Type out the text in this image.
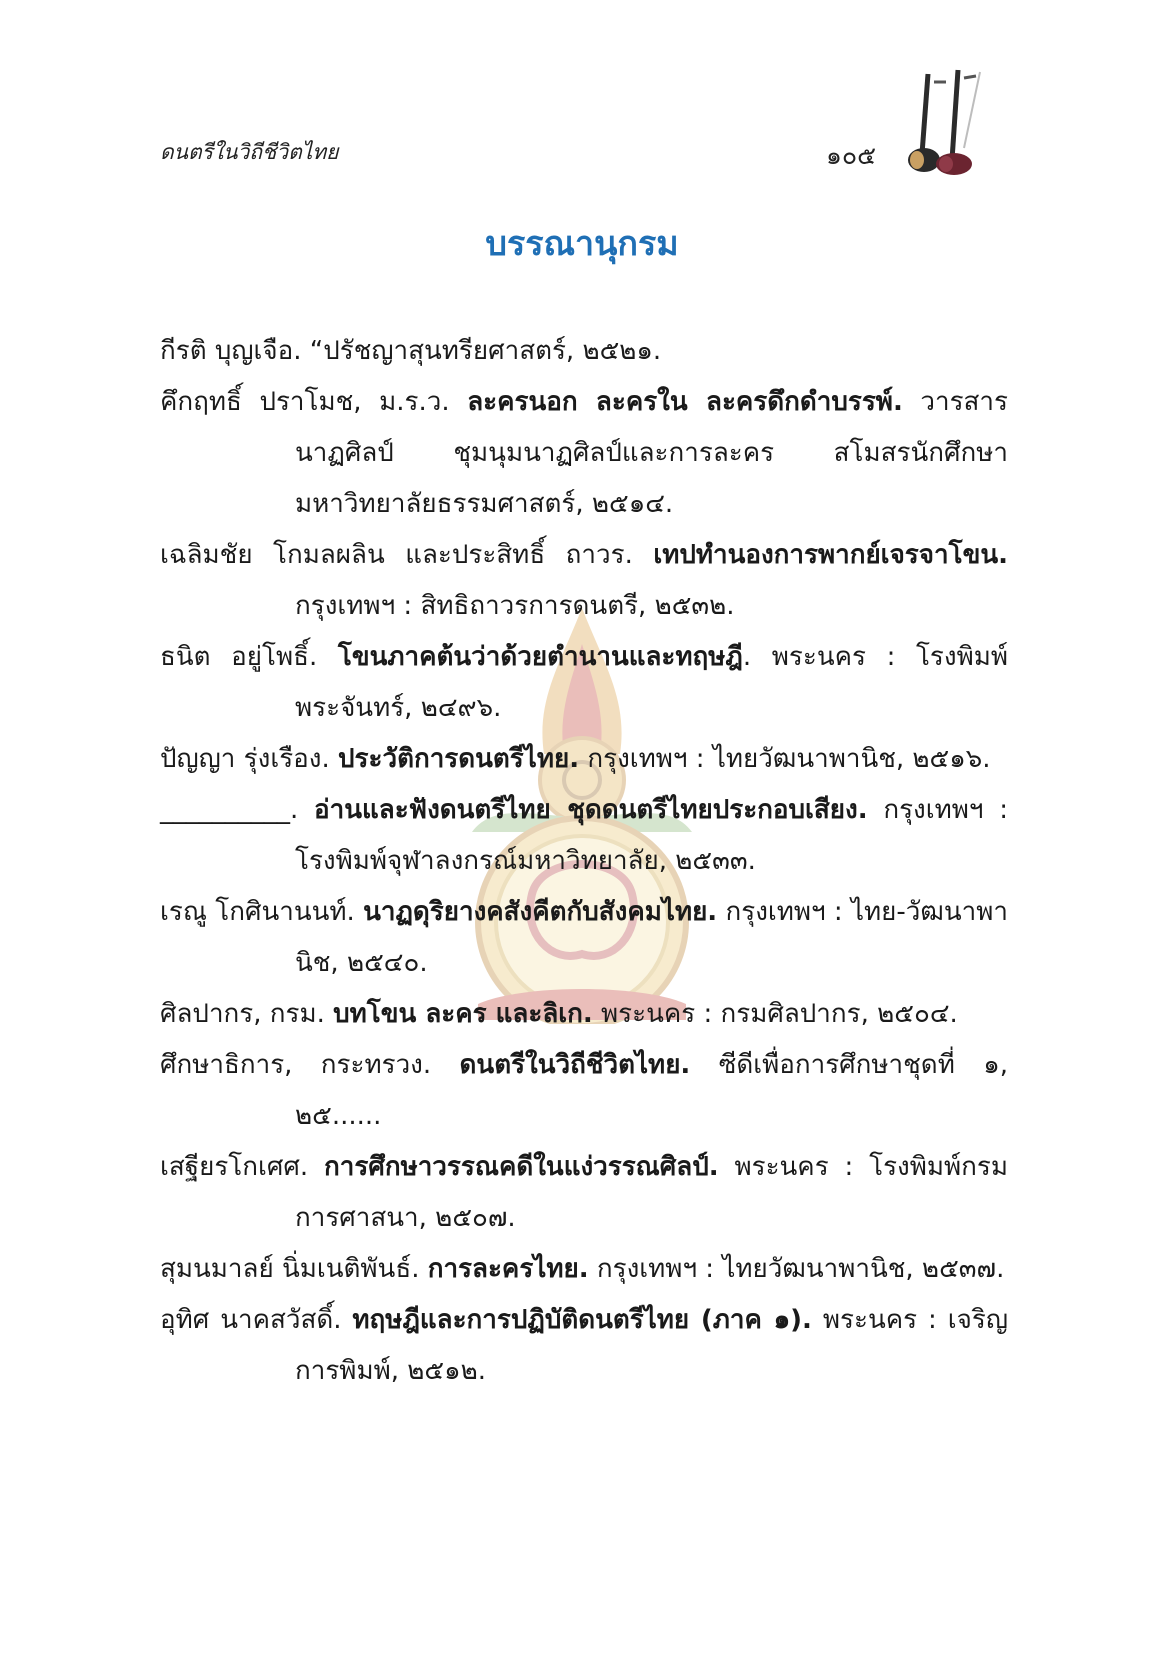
ดนตรีในวิถีชีวิตไทย	๑๐๕
บรรณานุกรม

กีรติ บุญเจือ. “ปรัชญาสุนทรียศาสตร์, ๒๕๒๑.

คึกฤทธิ์ ปราโมช, ม.ร.ว. ละครนอก ละครใน ละครดึกดำบรรพ์. วารสารนาฏศิลป์ ชุมนุมนาฏศิลป์และการละคร สโมสรนักศึกษามหาวิทยาลัยธรรมศาสตร์, ๒๕๑๔.

เฉลิมชัย โกมลผลิน และประสิทธิ์ ถาวร. เทปทำนองการพากย์เจรจาโขน. กรุงเทพฯ : สิทธิถาวรการดนตรี, ๒๕๓๒.

ธนิต อยู่โพธิ์. โขนภาคต้นว่าด้วยตำนานและทฤษฎี. พระนคร : โรงพิมพ์พระจันทร์, ๒๔๙๖.

ปัญญา รุ่งเรือง. ประวัติการดนตรีไทย. กรุงเทพฯ : ไทยวัฒนาพานิช, ๒๕๑๖.

__________. อ่านและฟังดนตรีไทย ชุดดนตรีไทยประกอบเสียง. กรุงเทพฯ : โรงพิมพ์จุฬาลงกรณ์มหาวิทยาลัย, ๒๕๓๓.

เรณู โกศินานนท์. นาฏดุริยางคสังคีตกับสังคมไทย. กรุงเทพฯ : ไทย-วัฒนาพานิช, ๒๕๔๐.

ศิลปากร, กรม. บทโขน ละคร และลิเก. พระนคร : กรมศิลปากร, ๒๕๐๔.

ศึกษาธิการ, กระทรวง. ดนตรีในวิถีชีวิตไทย. ซีดีเพื่อการศึกษาชุดที่ ๑, ๒๕......

เสฐียรโกเศศ. การศึกษาวรรณคดีในแง่วรรณศิลป์. พระนคร : โรงพิมพ์กรมการศาสนา, ๒๕๐๗.

สุมนมาลย์ นิ่มเนติพันธ์. การละครไทย. กรุงเทพฯ : ไทยวัฒนาพานิช, ๒๕๓๗.

อุทิศ นาคสวัสดิ์. ทฤษฎีและการปฏิบัติดนตรีไทย (ภาค ๑). พระนคร : เจริญการพิมพ์, ๒๕๑๒.
